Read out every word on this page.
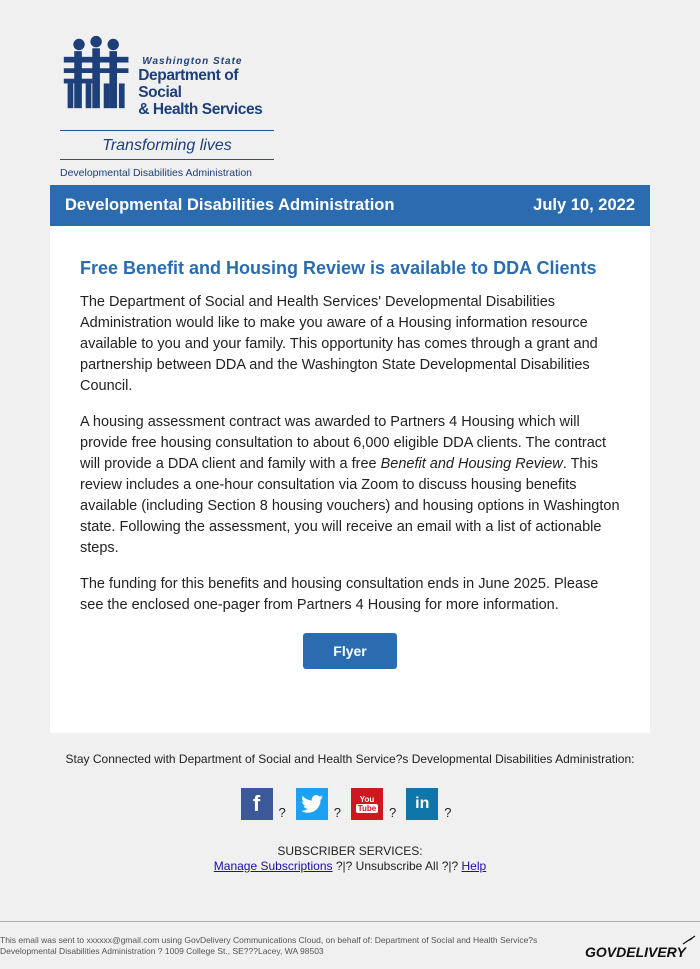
Washington State
Department of Social
& Health Services
Transforming lives
Developmental Disabilities Administration
Developmental Disabilities Administration	July 10, 2022
Free Benefit and Housing Review is available to DDA Clients

The Department of Social and Health Services' Developmental Disabilities Administration would like to make you aware of a Housing information resource available to you and your family. This opportunity has comes through a grant and partnership between DDA and the Washington State Developmental Disabilities Council.

A housing assessment contract was awarded to Partners 4 Housing which will provide free housing consultation to about 6,000 eligible DDA clients. The contract will provide a DDA client and family with a free Benefit and Housing Review. This review includes a one-hour consultation via Zoom to discuss housing benefits available (including Section 8 housing vouchers) and housing options in Washington state. Following the assessment, you will receive an email with a list of actionable steps.

The funding for this benefits and housing consultation ends in June 2025. Please see the enclosed one-pager from Partners 4 Housing for more information.

Flyer
Stay Connected with Department of Social and Health Service?s Developmental Disabilities Administration:
f ?	?
You
Tube ?
in
?
SUBSCRIBER SERVICES:
Manage Subscriptions ?|? Unsubscribe All ?|? Help
This email was sent to xxxxxx@gmail.com using GovDelivery Communications Cloud, on behalf of: Department of Social and Health Service?s Developmental Disabilities Administration ? 1009 College St., SE???Lacey, WA 98503	GOVDELIVERY
